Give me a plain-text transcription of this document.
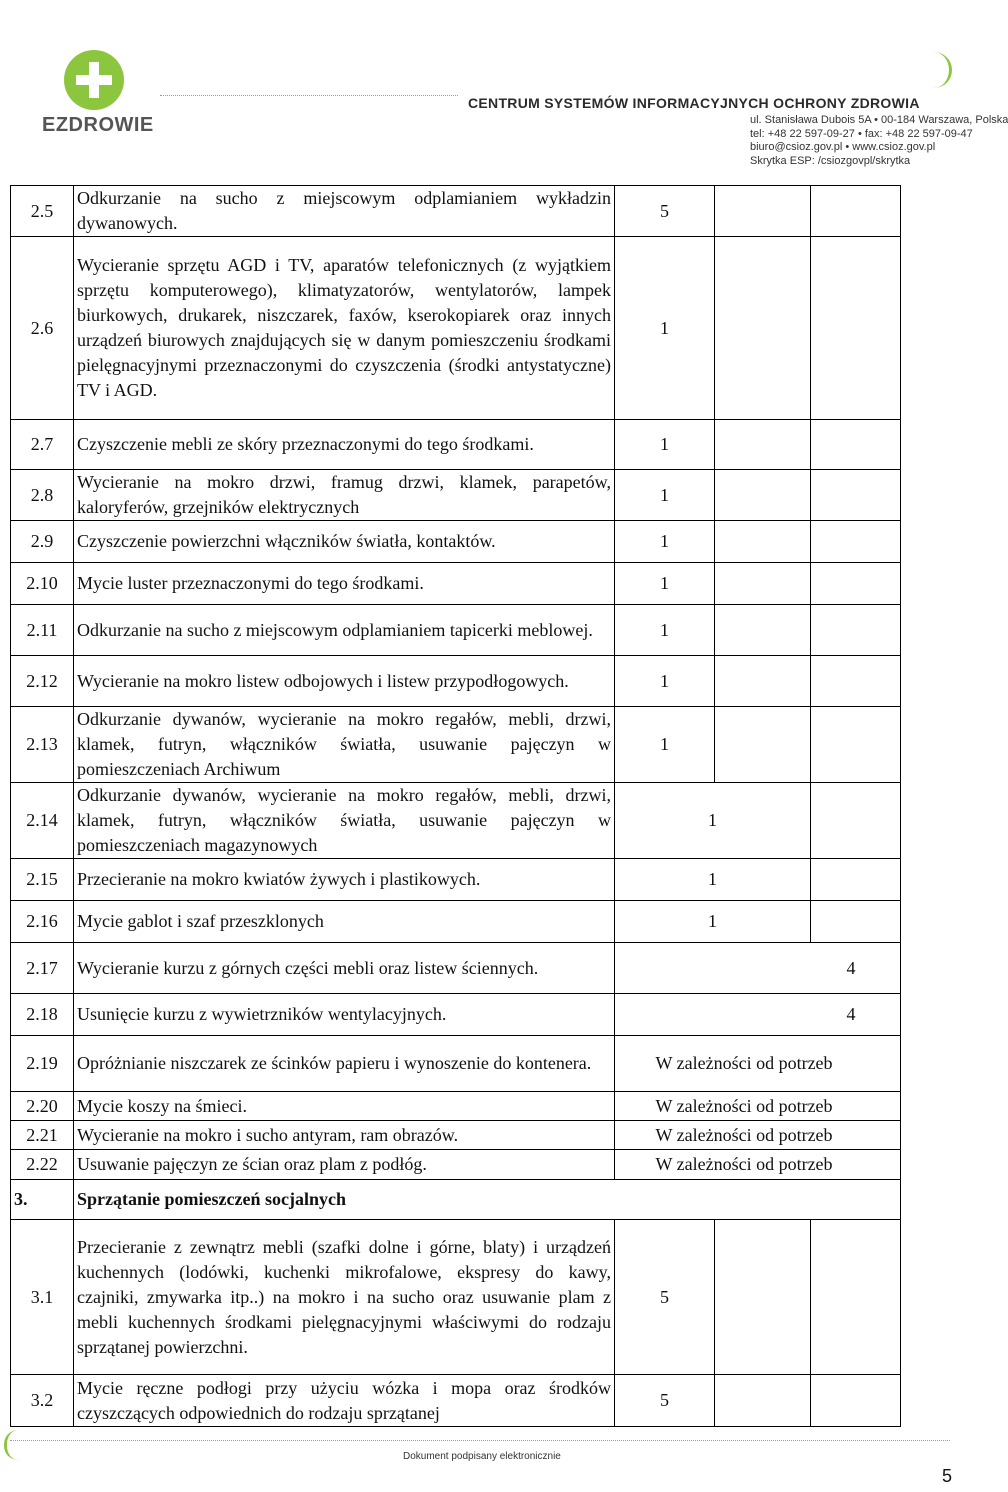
EZDROWIE
CENTRUM SYSTEMÓW INFORMACYJNYCH OCHRONY ZDROWIA
ul. Stanisława Dubois 5A • 00-184 Warszawa, Polska
tel: +48 22 597-09-27 • fax: +48 22 597-09-47
biuro@csioz.gov.pl • www.csioz.gov.pl
Skrytka ESP: /csiozgovpl/skrytka
2.5	Odkurzanie na sucho z miejscowym odplamianiem wykładzin dywanowych.	5		
2.6	Wycieranie sprzętu AGD i TV, aparatów telefonicznych (z wyjątkiem sprzętu komputerowego), klimatyzatorów, wentylatorów, lampek biurkowych, drukarek, niszczarek, faxów, kserokopiarek oraz innych urządzeń biurowych znajdujących się w danym pomieszczeniu środkami pielęgnacyjnymi przeznaczonymi do czyszczenia (środki antystatyczne) TV i AGD.	1		
2.7	Czyszczenie mebli ze skóry przeznaczonymi do tego środkami.	1		
2.8	Wycieranie na mokro drzwi, framug drzwi, klamek, parapetów, kaloryferów, grzejników elektrycznych	1		
2.9	Czyszczenie powierzchni włączników światła, kontaktów.	1		
2.10	Mycie luster przeznaczonymi do tego środkami.	1		
2.11	Odkurzanie na sucho z miejscowym odplamianiem tapicerki meblowej.	1		
2.12	Wycieranie na mokro listew odbojowych i listew przypodłogowych.	1		
2.13	Odkurzanie dywanów, wycieranie na mokro regałów, mebli, drzwi, klamek, futryn, włączników światła, usuwanie pajęczyn w pomieszczeniach Archiwum	1		
2.14	Odkurzanie dywanów, wycieranie na mokro regałów, mebli, drzwi, klamek, futryn, włączników światła, usuwanie pajęczyn w pomieszczeniach magazynowych	1		
2.15	Przecieranie na mokro kwiatów żywych i plastikowych.	1		
2.16	Mycie gablot i szaf przeszklonych	1		
2.17	Wycieranie kurzu z górnych części mebli oraz listew ściennych.	4		
2.18	Usunięcie kurzu z wywietrzników wentylacyjnych.	4		
2.19	Opróżnianie niszczarek ze ścinków papieru i wynoszenie do kontenera.	W zależności od potrzeb		
2.20	Mycie koszy na śmieci.	W zależności od potrzeb		
2.21	Wycieranie na mokro i sucho antyram, ram obrazów.	W zależności od potrzeb		
2.22	Usuwanie pajęczyn ze ścian oraz plam z podłóg.	W zależności od potrzeb		
3.	Sprzątanie pomieszczeń socjalnych			
3.1	Przecieranie z zewnątrz mebli (szafki dolne i górne, blaty) i urządzeń kuchennych (lodówki, kuchenki mikrofalowe, ekspresy do kawy, czajniki, zmywarka itp..) na mokro i na sucho oraz usuwanie plam z mebli kuchennych środkami pielęgnacyjnymi właściwymi do rodzaju sprzątanej powierzchni.	5		
3.2	Mycie ręczne podłogi przy użyciu wózka i mopa oraz środków czyszczących odpowiednich do rodzaju sprzątanej	5		
Dokument podpisany elektronicznie
5
